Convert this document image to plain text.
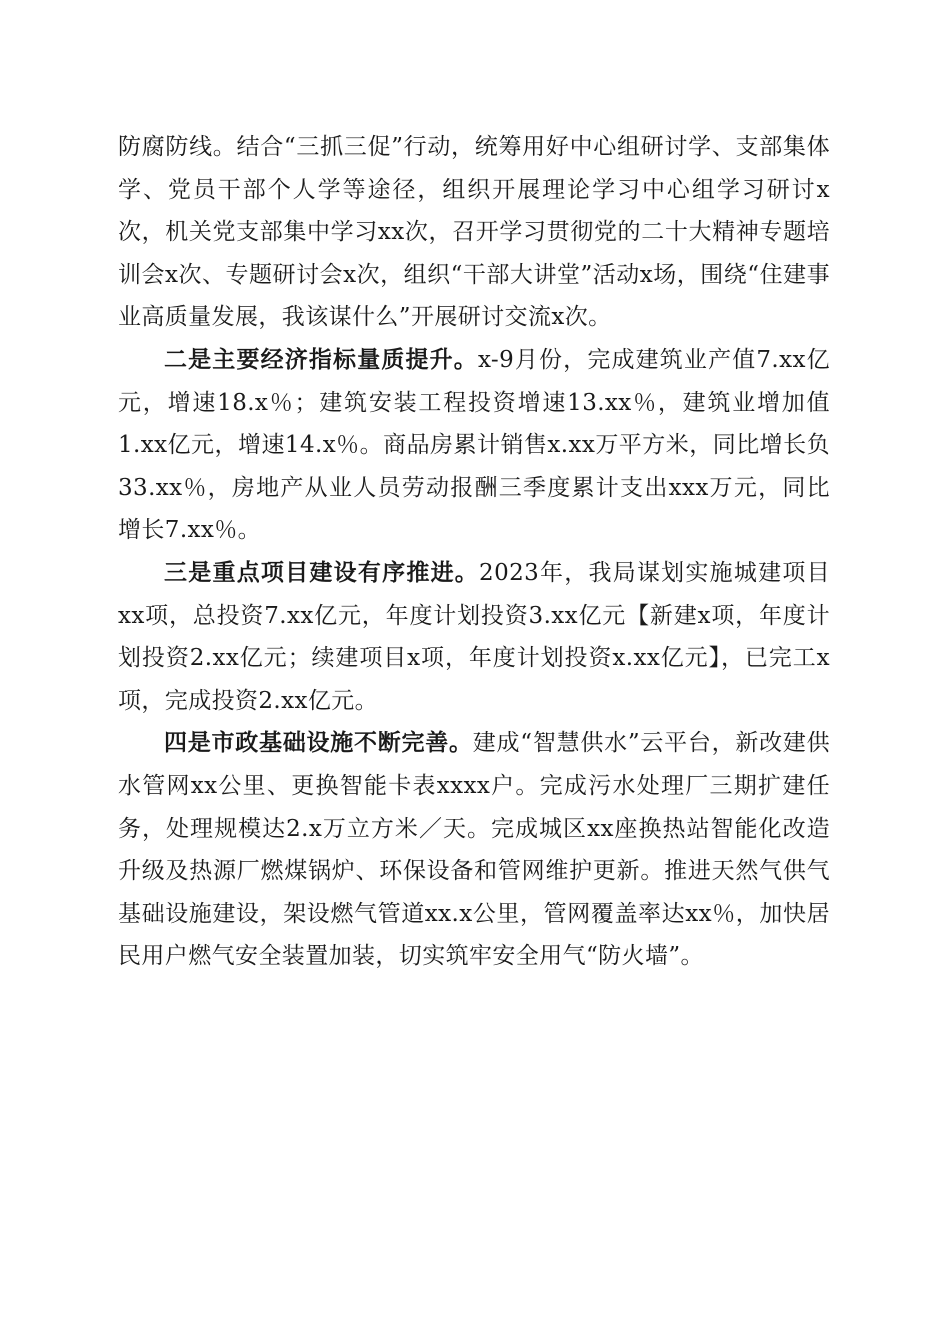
防腐防线。结合“三抓三促”行动，统筹用好中心组研讨学、支部集体学、党员干部个人学等途径，组织开展理论学习中心组学习研讨x次，机关党支部集中学习xx次，召开学习贯彻党的二十大精神专题培训会x次、专题研讨会x次，组织“干部大讲堂”活动x场，围绕“住建事业高质量发展，我该谋什么”开展研讨交流x次。

二是主要经济指标量质提升。x-9月份，完成建筑业产值7.xx亿元，增速18.x％；建筑安装工程投资增速13.xx％，建筑业增加值1.xx亿元，增速14.x％。商品房累计销售x.xx万平方米，同比增长负33.xx％，房地产从业人员劳动报酬三季度累计支出xxx万元，同比增长7.xx％。

三是重点项目建设有序推进。2023年，我局谋划实施城建项目xx项，总投资7.xx亿元，年度计划投资3.xx亿元【新建x项，年度计划投资2.xx亿元；续建项目x项，年度计划投资x.xx亿元】，已完工x项，完成投资2.xx亿元。

四是市政基础设施不断完善。建成“智慧供水”云平台，新改建供水管网xx公里、更换智能卡表xxxx户。完成污水处理厂三期扩建任务，处理规模达2.x万立方米／天。完成城区xx座换热站智能化改造升级及热源厂燃煤锅炉、环保设备和管网维护更新。推进天然气供气基础设施建设，架设燃气管道xx.x公里，管网覆盖率达xx％，加快居民用户燃气安全装置加装，切实筑牢安全用气“防火墙”。
